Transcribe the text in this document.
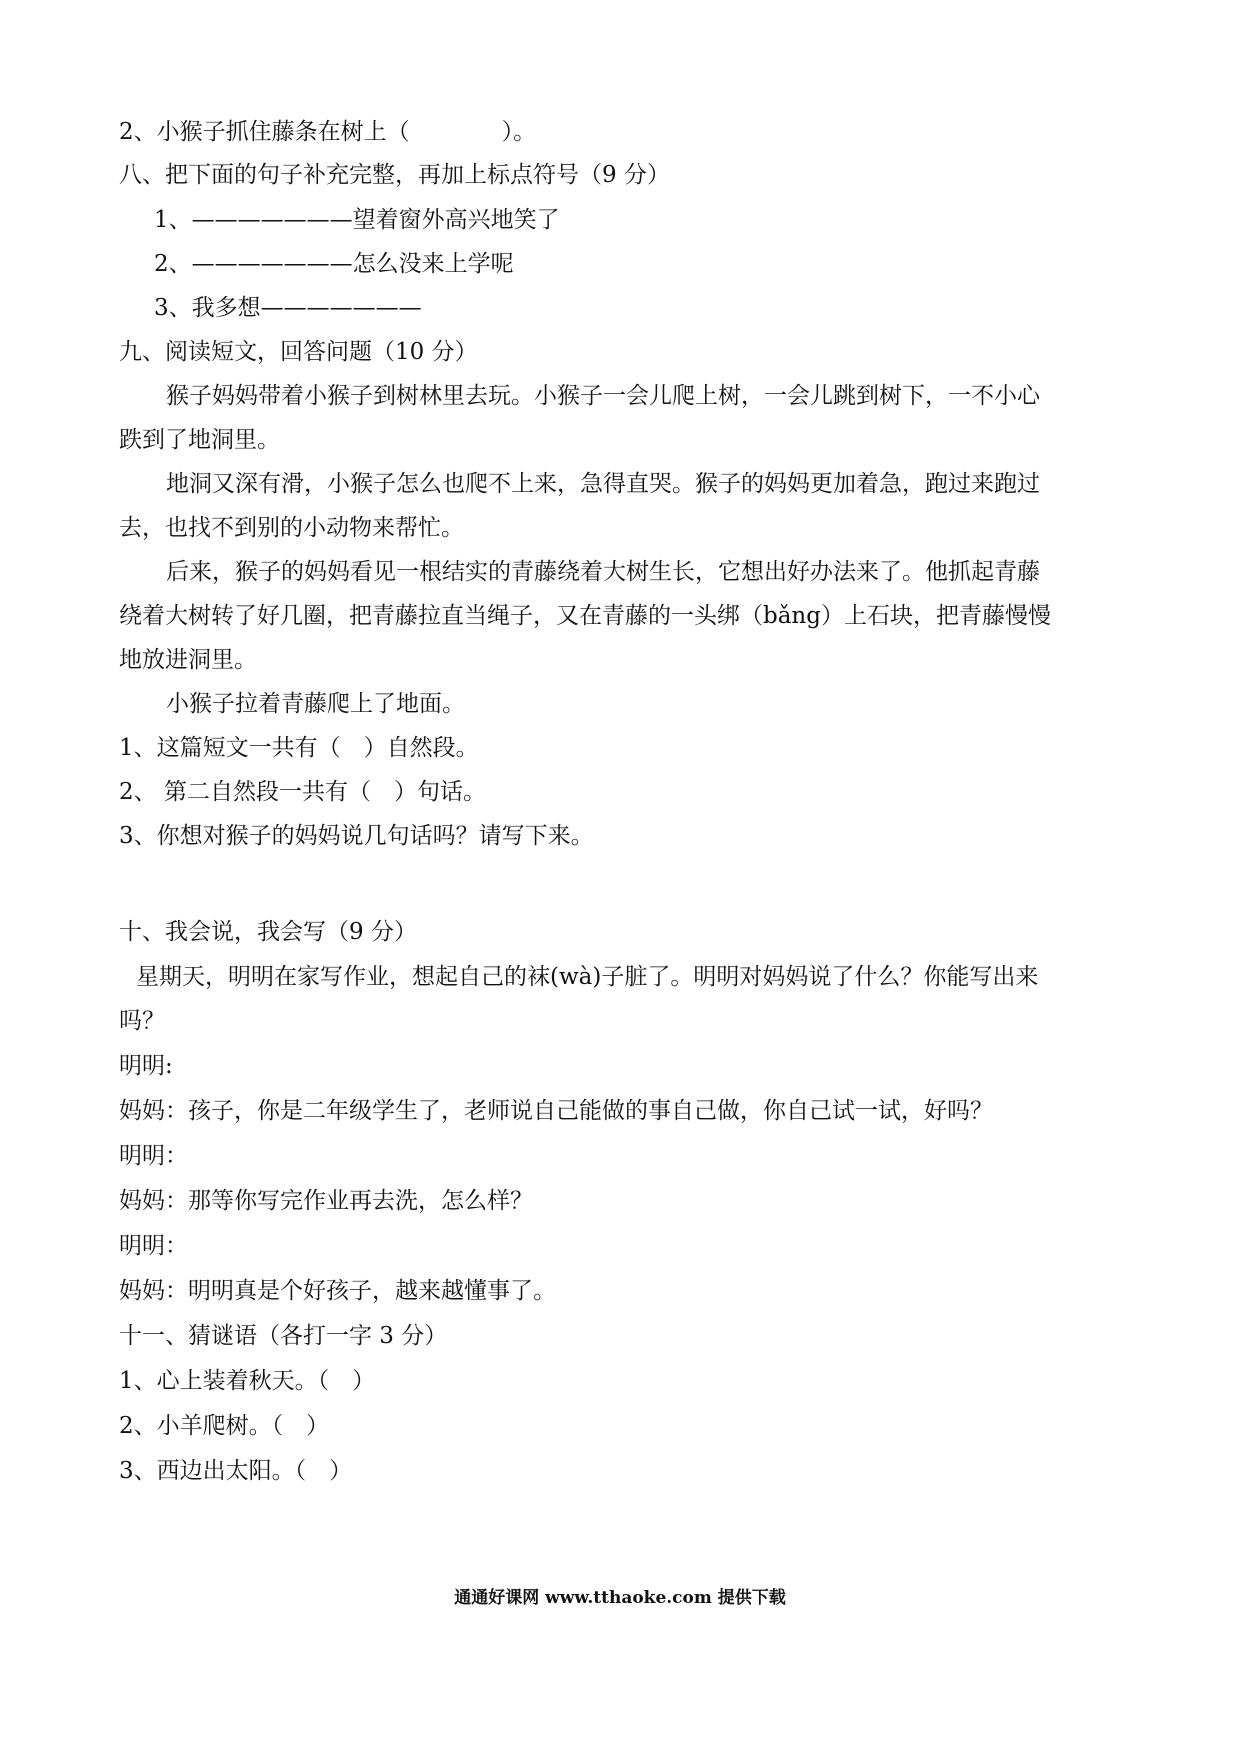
2、小猴子抓住藤条在树上（　　　　）。
八、把下面的句子补充完整，再加上标点符号（9 分）
1、———————望着窗外高兴地笑了
2、———————怎么没来上学呢
3、我多想———————
九、阅读短文，回答问题（10 分）
猴子妈妈带着小猴子到树林里去玩。小猴子一会儿爬上树，一会儿跳到树下，一不小心
跌到了地洞里。
地洞又深有滑，小猴子怎么也爬不上来，急得直哭。猴子的妈妈更加着急，跑过来跑过
去，也找不到别的小动物来帮忙。
后来，猴子的妈妈看见一根结实的青藤绕着大树生长，它想出好办法来了。他抓起青藤
绕着大树转了好几圈，把青藤拉直当绳子，又在青藤的一头绑（bǎng）上石块，把青藤慢慢
地放进洞里。
小猴子拉着青藤爬上了地面。
1、这篇短文一共有（　）自然段。
2、 第二自然段一共有（　）句话。
3、你想对猴子的妈妈说几句话吗？请写下来。
十、我会说，我会写（9 分）
星期天，明明在家写作业，想起自己的袜(wà)子脏了。明明对妈妈说了什么？你能写出来
吗？
明明:
妈妈：孩子，你是二年级学生了，老师说自己能做的事自己做，你自己试一试，好吗？
明明：
妈妈：那等你写完作业再去洗，怎么样？
明明：
妈妈：明明真是个好孩子，越来越懂事了。
十一、猜谜语（各打一字 3 分）
1、心上装着秋天。（　）
2、小羊爬树。（　）
3、西边出太阳。（　）
通通好课网 www.tthaoke.com 提供下载
